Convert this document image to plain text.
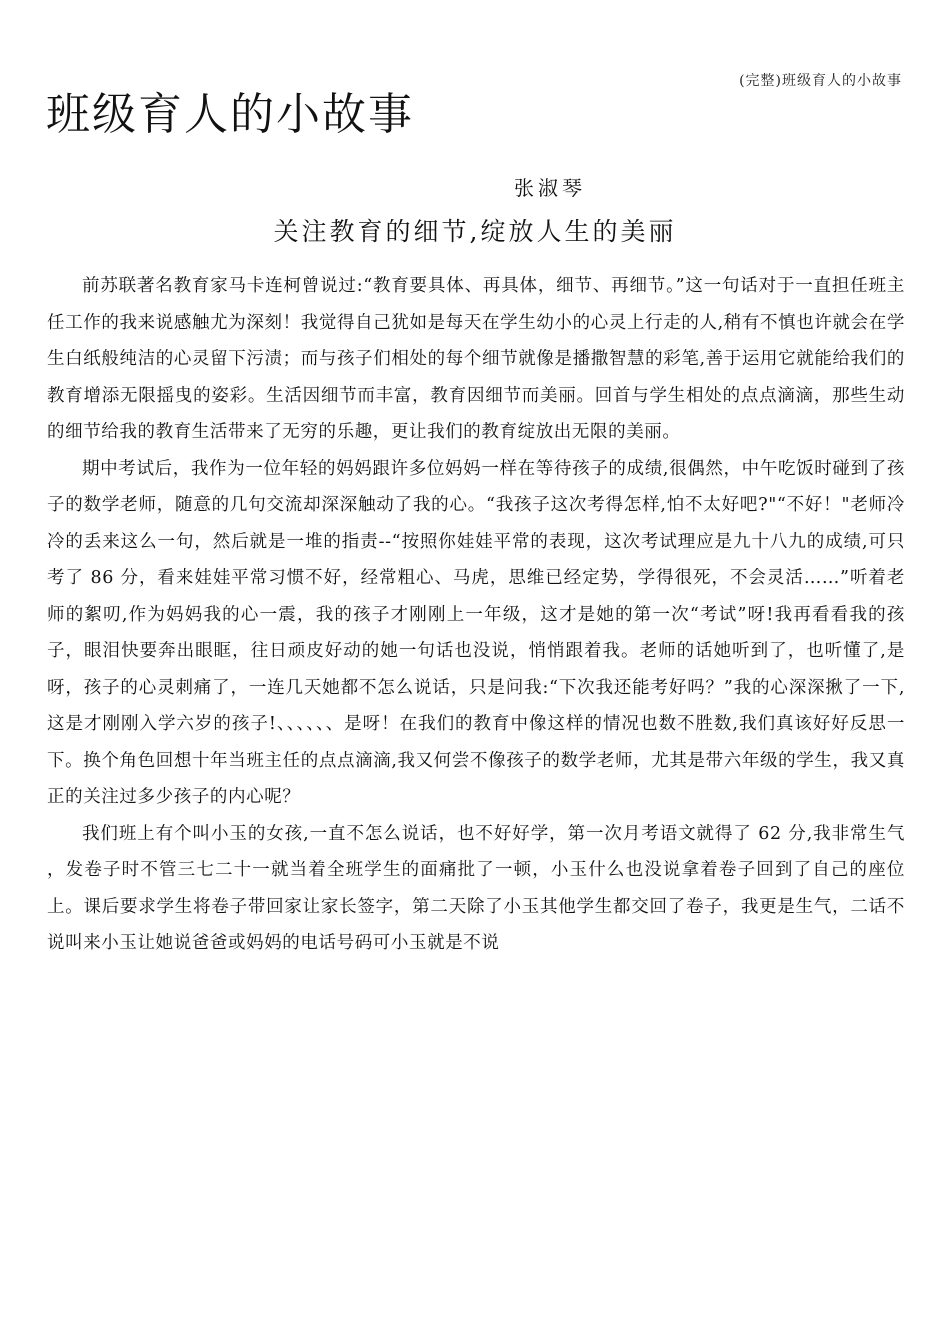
(完整)班级育人的小故事
班级育人的小故事
张淑琴
关注教育的细节,绽放人生的美丽

前苏联著名教育家马卡连柯曾说过:“教育要具体、再具体，细节、再细节。”这一句话对于一直担任班主任工作的我来说感触尤为深刻！我觉得自己犹如是每天在学生幼小的心灵上行走的人,稍有不慎也许就会在学生白纸般纯洁的心灵留下污渍；而与孩子们相处的每个细节就像是播撒智慧的彩笔,善于运用它就能给我们的教育增添无限摇曳的姿彩。生活因细节而丰富，教育因细节而美丽。回首与学生相处的点点滴滴，那些生动的细节给我的教育生活带来了无穷的乐趣，更让我们的教育绽放出无限的美丽。

期中考试后，我作为一位年轻的妈妈跟许多位妈妈一样在等待孩子的成绩,很偶然，中午吃饭时碰到了孩子的数学老师，随意的几句交流却深深触动了我的心。“我孩子这次考得怎样,怕不太好吧?"“不好！"老师冷冷的丢来这么一句，然后就是一堆的指责--“按照你娃娃平常的表现，这次考试理应是九十八九的成绩,可只考了 86 分，看来娃娃平常习惯不好，经常粗心、马虎，思维已经定势，学得很死，不会灵活……”听着老师的絮叨,作为妈妈我的心一震，我的孩子才刚刚上一年级，这才是她的第一次“考试”呀!我再看看我的孩子，眼泪快要奔出眼眶，往日顽皮好动的她一句话也没说，悄悄跟着我。老师的话她听到了，也听懂了,是呀，孩子的心灵刺痛了，一连几天她都不怎么说话，只是问我:“下次我还能考好吗？”我的心深深揪了一下,这是才刚刚入学六岁的孩子!、、、、、、是呀！在我们的教育中像这样的情况也数不胜数,我们真该好好反思一下。换个角色回想十年当班主任的点点滴滴,我又何尝不像孩子的数学老师，尤其是带六年级的学生，我又真正的关注过多少孩子的内心呢？

我们班上有个叫小玉的女孩,一直不怎么说话，也不好好学，第一次月考语文就得了 62 分,我非常生气 ，发卷子时不管三七二十一就当着全班学生的面痛批了一顿，小玉什么也没说拿着卷子回到了自己的座位上。课后要求学生将卷子带回家让家长签字，第二天除了小玉其他学生都交回了卷子，我更是生气，二话不说叫来小玉让她说爸爸或妈妈的电话号码可小玉就是不说
